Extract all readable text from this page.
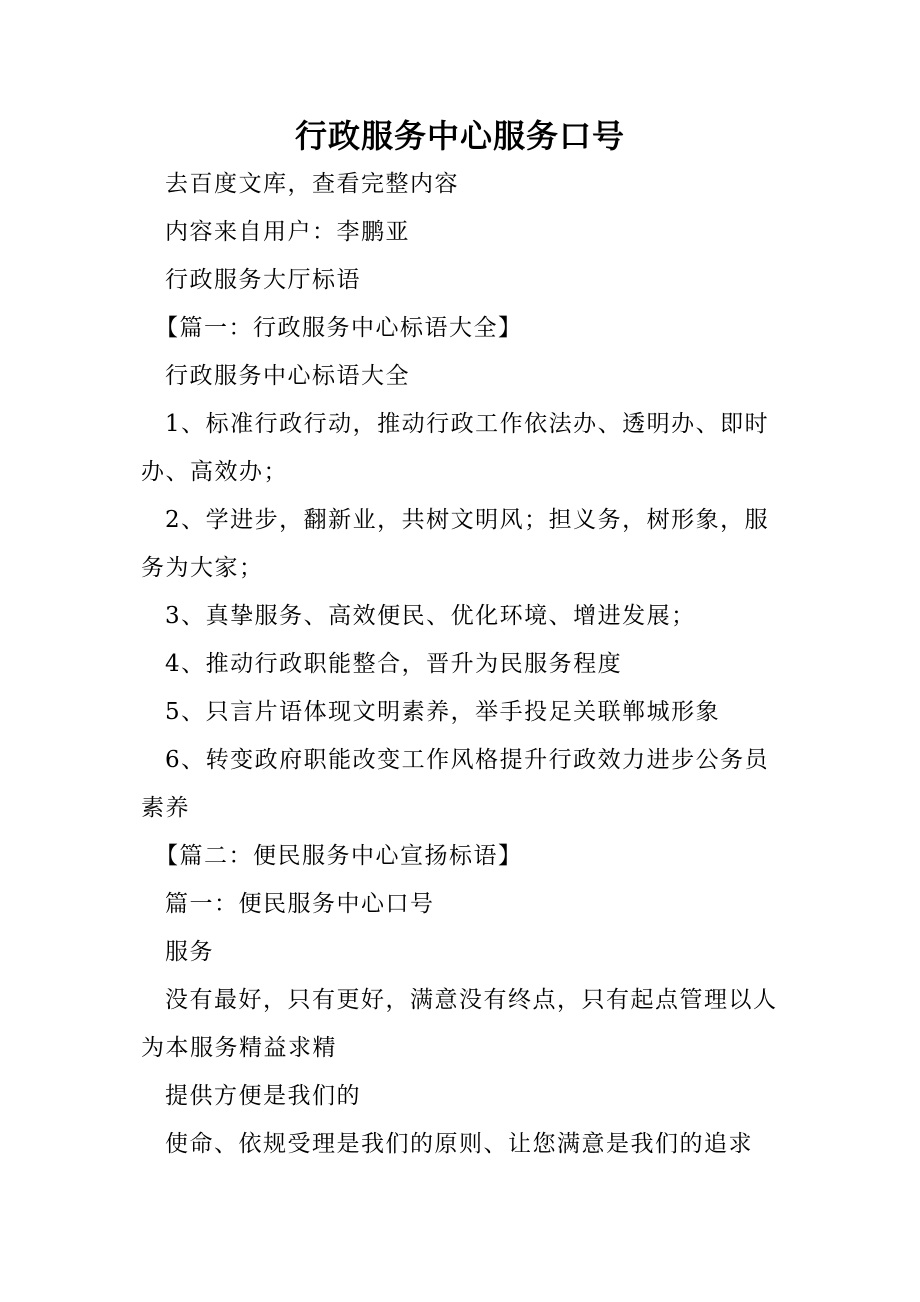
行政服务中心服务口号

去百度文库，查看完整内容

内容来自用户：李鹏亚

行政服务大厅标语

【篇一：行政服务中心标语大全】

行政服务中心标语大全

1、标准行政行动，推动行政工作依法办、透明办、即时办、高效办；

2、学进步，翻新业，共树文明风；担义务，树形象，服务为大家；

3、真挚服务、高效便民、优化环境、增进发展；

4、推动行政职能整合，晋升为民服务程度

5、只言片语体现文明素养，举手投足关联郸城形象

6、转变政府职能改变工作风格提升行政效力进步公务员素养

【篇二：便民服务中心宣扬标语】

篇一：便民服务中心口号

服务

没有最好，只有更好，满意没有终点，只有起点管理以人为本服务精益求精

提供方便是我们的

使命、依规受理是我们的原则、让您满意是我们的追求
